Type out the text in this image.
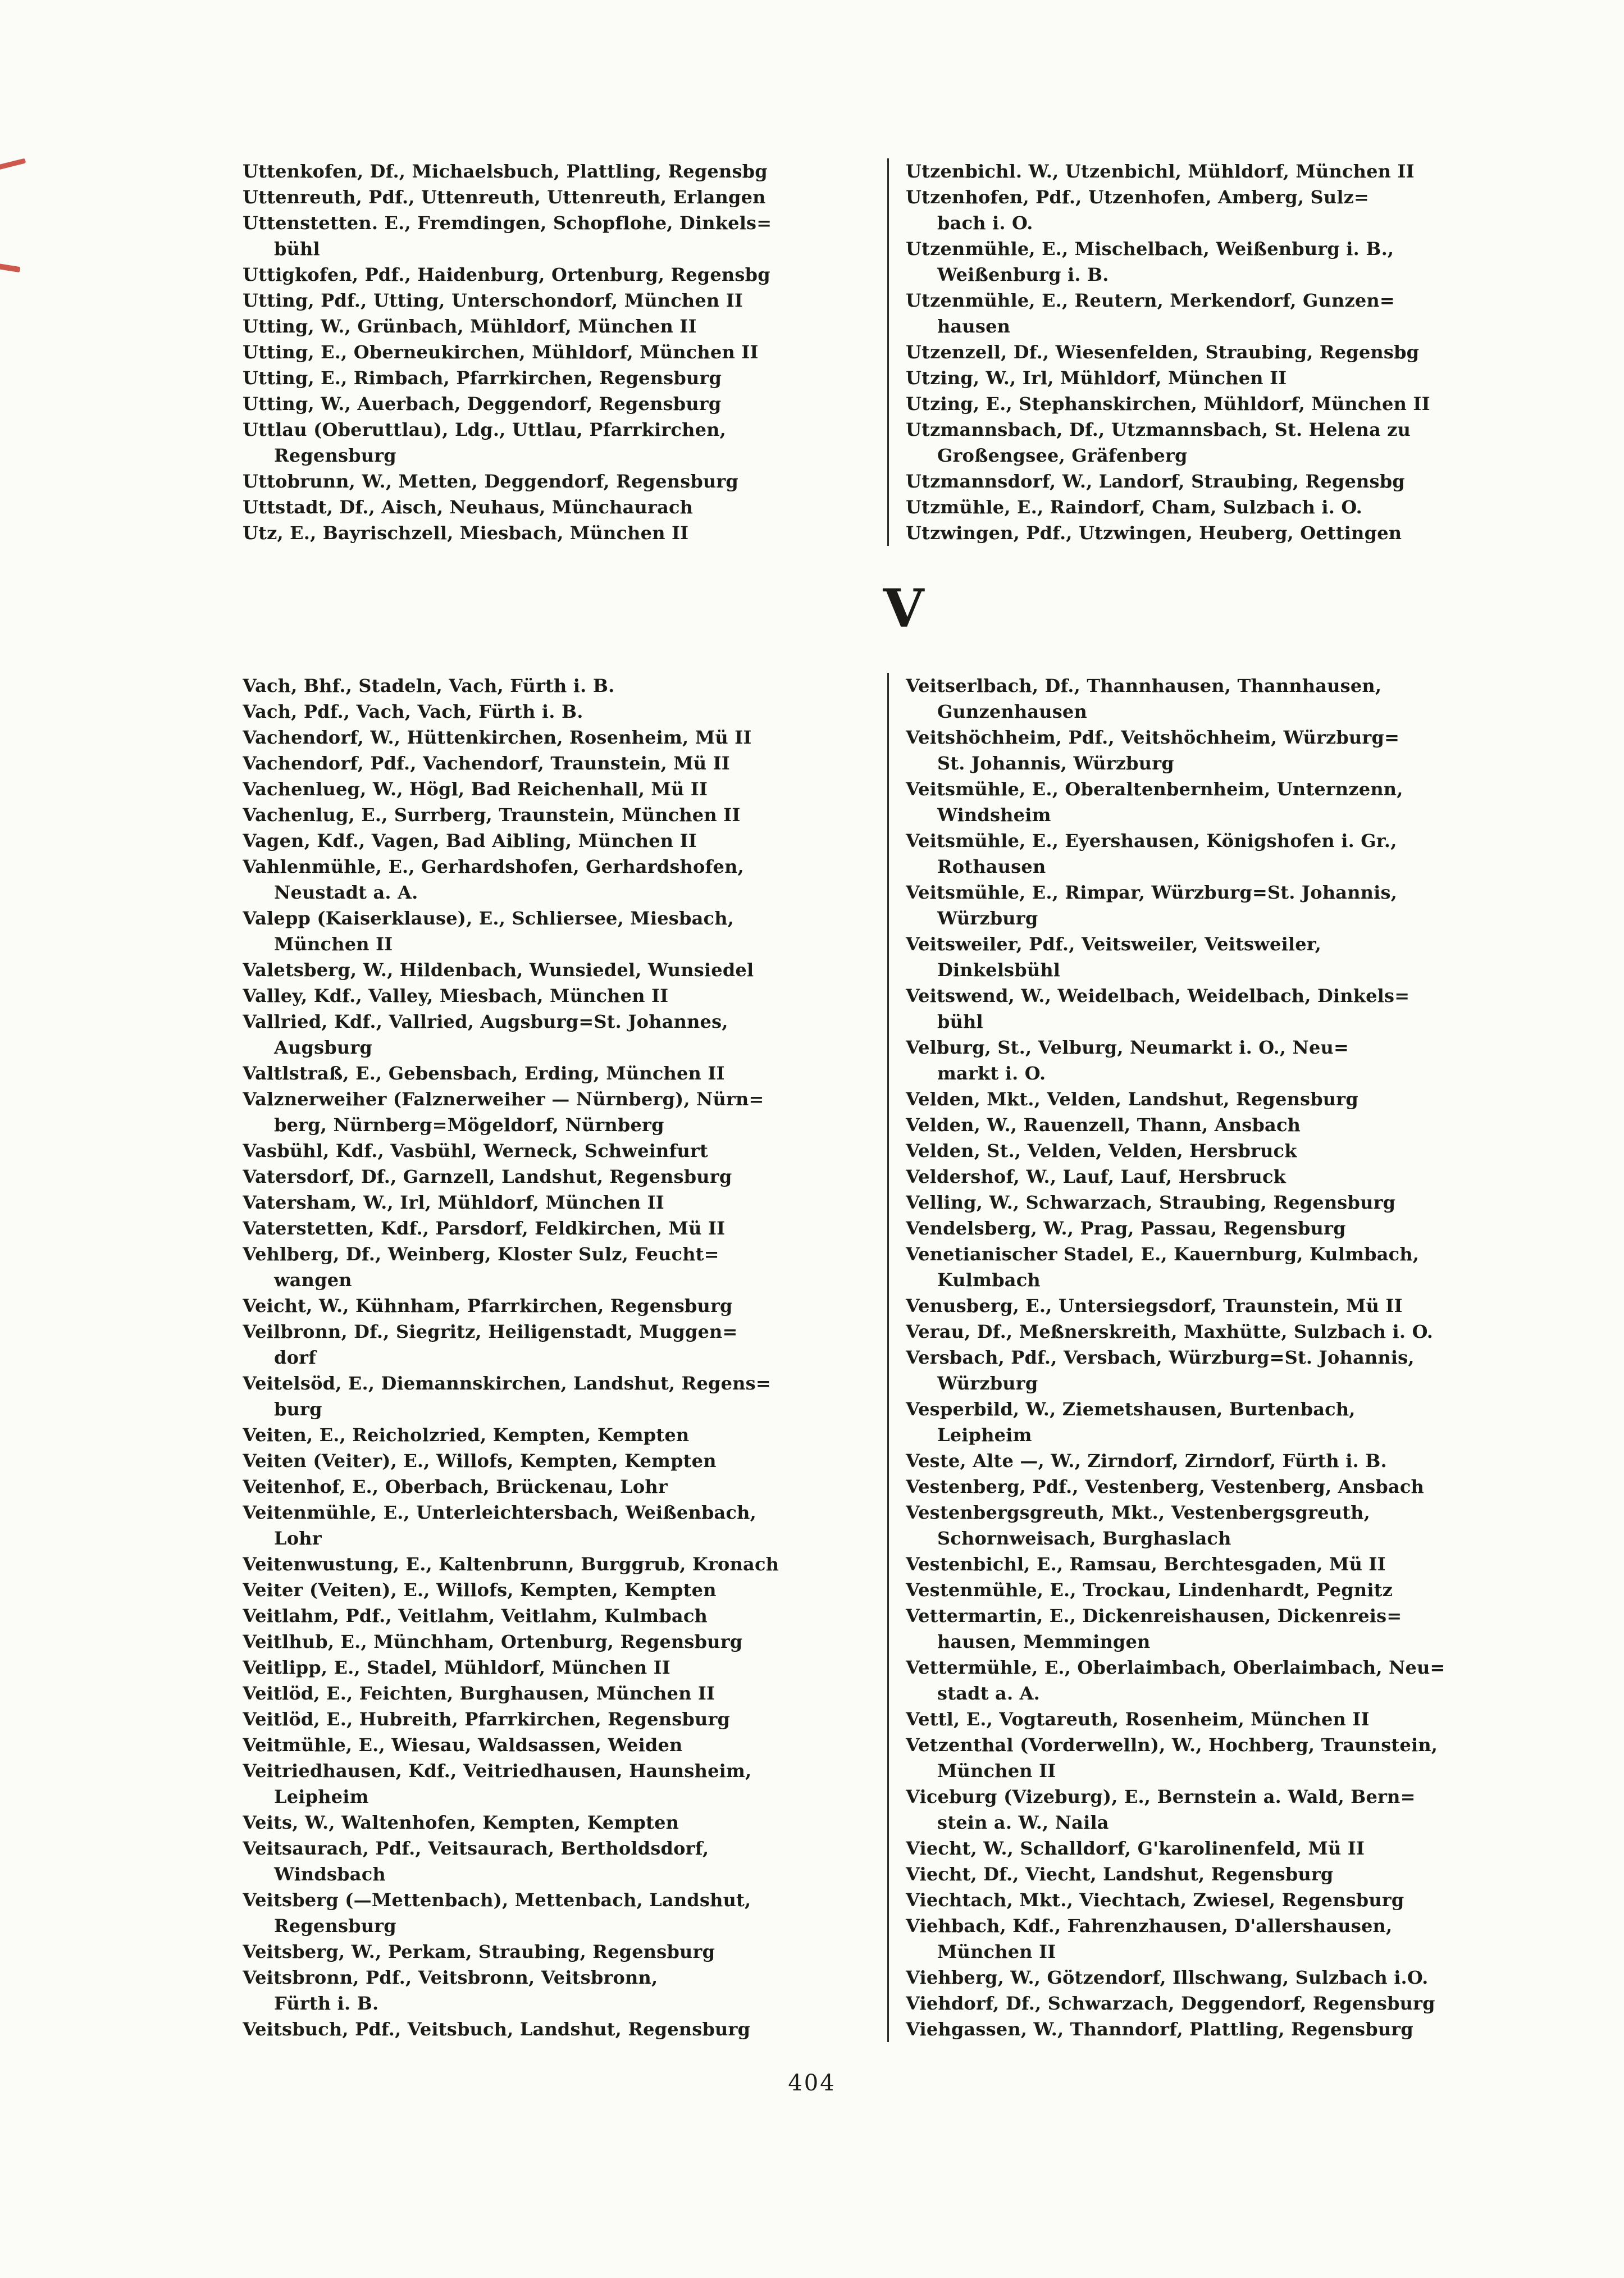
Uttenkofen, Df., Michaelsbuch, Plattling, Regensbg
Uttenreuth, Pdf., Uttenreuth, Uttenreuth, Erlangen
Uttenstetten. E., Fremdingen, Schopflohe, Dinkels=
bühl
Uttigkofen, Pdf., Haidenburg, Ortenburg, Regensbg
Utting, Pdf., Utting, Unterschondorf, München II
Utting, W., Grünbach, Mühldorf, München II
Utting, E., Oberneukirchen, Mühldorf, München II
Utting, E., Rimbach, Pfarrkirchen, Regensburg
Utting, W., Auerbach, Deggendorf, Regensburg
Uttlau (Oberuttlau), Ldg., Uttlau, Pfarrkirchen,
Regensburg
Uttobrunn, W., Metten, Deggendorf, Regensburg
Uttstadt, Df., Aisch, Neuhaus, Münchaurach
Utz, E., Bayrischzell, Miesbach, München II
Utzenbichl. W., Utzenbichl, Mühldorf, München II
Utzenhofen, Pdf., Utzenhofen, Amberg, Sulz=
bach i. O.
Utzenmühle, E., Mischelbach, Weißenburg i. B.,
Weißenburg i. B.
Utzenmühle, E., Reutern, Merkendorf, Gunzen=
hausen
Utzenzell, Df., Wiesenfelden, Straubing, Regensbg
Utzing, W., Irl, Mühldorf, München II
Utzing, E., Stephanskirchen, Mühldorf, München II
Utzmannsbach, Df., Utzmannsbach, St. Helena zu
Großengsee, Gräfenberg
Utzmannsdorf, W., Landorf, Straubing, Regensbg
Utzmühle, E., Raindorf, Cham, Sulzbach i. O.
Utzwingen, Pdf., Utzwingen, Heuberg, Oettingen
V
Vach, Bhf., Stadeln, Vach, Fürth i. B.
Vach, Pdf., Vach, Vach, Fürth i. B.
Vachendorf, W., Hüttenkirchen, Rosenheim, Mü II
Vachendorf, Pdf., Vachendorf, Traunstein, Mü II
Vachenlueg, W., Högl, Bad Reichenhall, Mü II
Vachenlug, E., Surrberg, Traunstein, München II
Vagen, Kdf., Vagen, Bad Aibling, München II
Vahlenmühle, E., Gerhardshofen, Gerhardshofen,
Neustadt a. A.
Valepp (Kaiserklause), E., Schliersee, Miesbach,
München II
Valetsberg, W., Hildenbach, Wunsiedel, Wunsiedel
Valley, Kdf., Valley, Miesbach, München II
Vallried, Kdf., Vallried, Augsburg=St. Johannes,
Augsburg
Valtlstraß, E., Gebensbach, Erding, München II
Valznerweiher (Falznerweiher — Nürnberg), Nürn=
berg, Nürnberg=Mögeldorf, Nürnberg
Vasbühl, Kdf., Vasbühl, Werneck, Schweinfurt
Vatersdorf, Df., Garnzell, Landshut, Regensburg
Vatersham, W., Irl, Mühldorf, München II
Vaterstetten, Kdf., Parsdorf, Feldkirchen, Mü II
Vehlberg, Df., Weinberg, Kloster Sulz, Feucht=
wangen
Veicht, W., Kühnham, Pfarrkirchen, Regensburg
Veilbronn, Df., Siegritz, Heiligenstadt, Muggen=
dorf
Veitelsöd, E., Diemannskirchen, Landshut, Regens=
burg
Veiten, E., Reicholzried, Kempten, Kempten
Veiten (Veiter), E., Willofs, Kempten, Kempten
Veitenhof, E., Oberbach, Brückenau, Lohr
Veitenmühle, E., Unterleichtersbach, Weißenbach,
Lohr
Veitenwustung, E., Kaltenbrunn, Burggrub, Kronach
Veiter (Veiten), E., Willofs, Kempten, Kempten
Veitlahm, Pdf., Veitlahm, Veitlahm, Kulmbach
Veitlhub, E., Münchham, Ortenburg, Regensburg
Veitlipp, E., Stadel, Mühldorf, München II
Veitlöd, E., Feichten, Burghausen, München II
Veitlöd, E., Hubreith, Pfarrkirchen, Regensburg
Veitmühle, E., Wiesau, Waldsassen, Weiden
Veitriedhausen, Kdf., Veitriedhausen, Haunsheim,
Leipheim
Veits, W., Waltenhofen, Kempten, Kempten
Veitsaurach, Pdf., Veitsaurach, Bertholdsdorf,
Windsbach
Veitsberg (—Mettenbach), Mettenbach, Landshut,
Regensburg
Veitsberg, W., Perkam, Straubing, Regensburg
Veitsbronn, Pdf., Veitsbronn, Veitsbronn,
Fürth i. B.
Veitsbuch, Pdf., Veitsbuch, Landshut, Regensburg
Veitserlbach, Df., Thannhausen, Thannhausen,
Gunzenhausen
Veitshöchheim, Pdf., Veitshöchheim, Würzburg=
St. Johannis, Würzburg
Veitsmühle, E., Oberaltenbernheim, Unternzenn,
Windsheim
Veitsmühle, E., Eyershausen, Königshofen i. Gr.,
Rothausen
Veitsmühle, E., Rimpar, Würzburg=St. Johannis,
Würzburg
Veitsweiler, Pdf., Veitsweiler, Veitsweiler,
Dinkelsbühl
Veitswend, W., Weidelbach, Weidelbach, Dinkels=
bühl
Velburg, St., Velburg, Neumarkt i. O., Neu=
markt i. O.
Velden, Mkt., Velden, Landshut, Regensburg
Velden, W., Rauenzell, Thann, Ansbach
Velden, St., Velden, Velden, Hersbruck
Veldershof, W., Lauf, Lauf, Hersbruck
Velling, W., Schwarzach, Straubing, Regensburg
Vendelsberg, W., Prag, Passau, Regensburg
Venetianischer Stadel, E., Kauernburg, Kulmbach,
Kulmbach
Venusberg, E., Untersiegsdorf, Traunstein, Mü II
Verau, Df., Meßnerskreith, Maxhütte, Sulzbach i. O.
Versbach, Pdf., Versbach, Würzburg=St. Johannis,
Würzburg
Vesperbild, W., Ziemetshausen, Burtenbach,
Leipheim
Veste, Alte —, W., Zirndorf, Zirndorf, Fürth i. B.
Vestenberg, Pdf., Vestenberg, Vestenberg, Ansbach
Vestenbergsgreuth, Mkt., Vestenbergsgreuth,
Schornweisach, Burghaslach
Vestenbichl, E., Ramsau, Berchtesgaden, Mü II
Vestenmühle, E., Trockau, Lindenhardt, Pegnitz
Vettermartin, E., Dickenreishausen, Dickenreis=
hausen, Memmingen
Vettermühle, E., Oberlaimbach, Oberlaimbach, Neu=
stadt a. A.
Vettl, E., Vogtareuth, Rosenheim, München II
Vetzenthal (Vorderwelln), W., Hochberg, Traunstein,
München II
Viceburg (Vizeburg), E., Bernstein a. Wald, Bern=
stein a. W., Naila
Viecht, W., Schalldorf, G'karolinenfeld, Mü II
Viecht, Df., Viecht, Landshut, Regensburg
Viechtach, Mkt., Viechtach, Zwiesel, Regensburg
Viehbach, Kdf., Fahrenzhausen, D'allershausen,
München II
Viehberg, W., Götzendorf, Illschwang, Sulzbach i.O.
Viehdorf, Df., Schwarzach, Deggendorf, Regensburg
Viehgassen, W., Thanndorf, Plattling, Regensburg
404
